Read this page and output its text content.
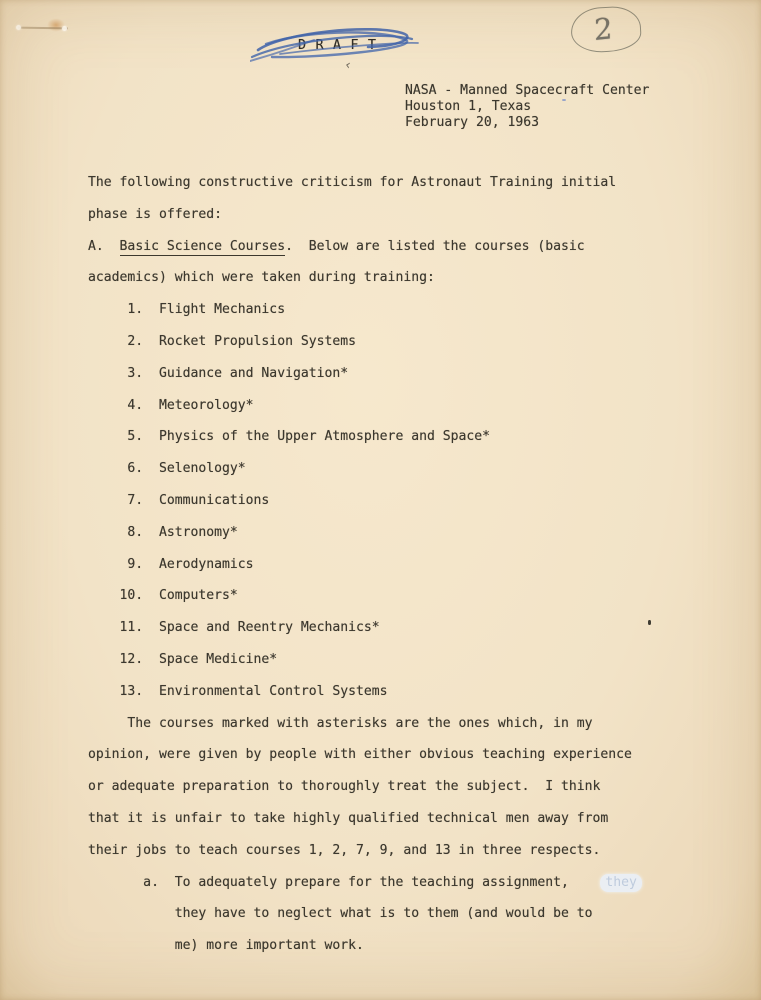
D R A F T
‹
2
NASA - Manned Spacecraft Center
Houston 1, Texas
February 20, 1963
The following constructive criticism for Astronaut Training initial
phase is offered:
A.  Basic Science Courses.  Below are listed the courses (basic
academics) which were taken during training:
1.  Flight Mechanics
2.  Rocket Propulsion Systems
3.  Guidance and Navigation*
4.  Meteorology*
5.  Physics of the Upper Atmosphere and Space*
6.  Selenology*
7.  Communications
8.  Astronomy*
9.  Aerodynamics
10.  Computers*
11.  Space and Reentry Mechanics*
12.  Space Medicine*
13.  Environmental Control Systems
The courses marked with asterisks are the ones which, in my
opinion, were given by people with either obvious teaching experience
or adequate preparation to thoroughly treat the subject.  I think
that it is unfair to take highly qualified technical men away from
their jobs to teach courses 1, 2, 7, 9, and 13 in three respects.
a.  To adequately prepare for the teaching assignment,    they
they have to neglect what is to them (and would be to
me) more important work.
